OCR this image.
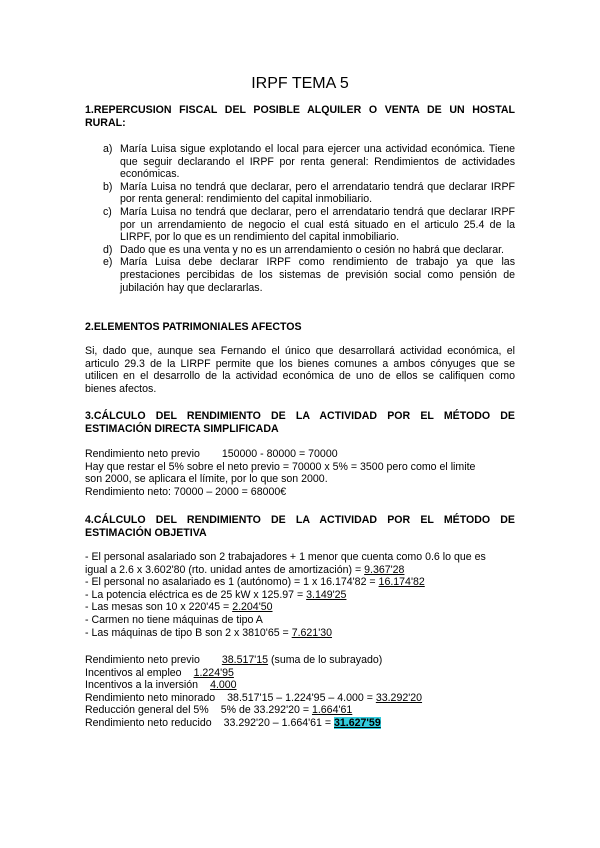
IRPF TEMA 5
1.REPERCUSION FISCAL DEL POSIBLE ALQUILER O VENTA DE UN HOSTAL
RURAL:
a) María Luisa sigue explotando el local para ejercer una actividad económica. Tiene que seguir declarando el IRPF por renta general: Rendimientos de actividades económicas.
b) María Luisa no tendrá que declarar, pero el arrendatario tendrá que declarar IRPF por renta general: rendimiento del capital inmobiliario.
c) María Luisa no tendrá que declarar, pero el arrendatario tendrá que declarar IRPF por un arrendamiento de negocio el cual está situado en el articulo 25.4 de la LIRPF, por lo que es un rendimiento del capital inmobiliario.
d) Dado que es una venta y no es un arrendamiento o cesión no habrá que declarar.
e) María Luisa debe declarar IRPF como rendimiento de trabajo ya que las prestaciones percibidas de los sistemas de previsión social como pensión de jubilación hay que declararlas.
2.ELEMENTOS PATRIMONIALES AFECTOS
Si, dado que, aunque sea Fernando el único que desarrollará actividad económica, el articulo 29.3 de la LIRPF permite que los bienes comunes a ambos cónyuges que se utilicen en el desarrollo de la actividad económica de uno de ellos se califiquen como bienes afectos.
3.CÁLCULO DEL RENDIMIENTO DE LA ACTIVIDAD POR EL MÉTODO DE
ESTIMACIÓN DIRECTA SIMPLIFICADA
Rendimiento neto previo 150000 - 80000 = 70000
Hay que restar el 5% sobre el neto previo = 70000 x 5% = 3500 pero como el limite
son 2000, se aplicara el límite, por lo que son 2000.
Rendimiento neto: 70000 – 2000 = 68000€
4.CÁLCULO DEL RENDIMIENTO DE LA ACTIVIDAD POR EL MÉTODO DE
ESTIMACIÓN OBJETIVA
- El personal asalariado son 2 trabajadores + 1 menor que cuenta como 0.6 lo que es
igual a 2.6 x 3.602'80 (rto. unidad antes de amortización) = 9.367'28
- El personal no asalariado es 1 (autónomo) = 1 x 16.174'82 = 16.174'82
- La potencia eléctrica es de 25 kW x 125.97 = 3.149'25
- Las mesas son 10 x 220'45 = 2.204'50
- Carmen no tiene máquinas de tipo A
- Las máquinas de tipo B son 2 x 3810'65 = 7.621'30
Rendimiento neto previo 38.517'15 (suma de lo subrayado)
Incentivos al empleo 1.224'95
Incentivos a la inversión 4.000
Rendimiento neto minorado 38.517'15 – 1.224'95 – 4.000 = 33.292'20
Reducción general del 5% 5% de 33.292'20 = 1.664'61
Rendimiento neto reducido 33.292'20 – 1.664'61 = 31.627'59
